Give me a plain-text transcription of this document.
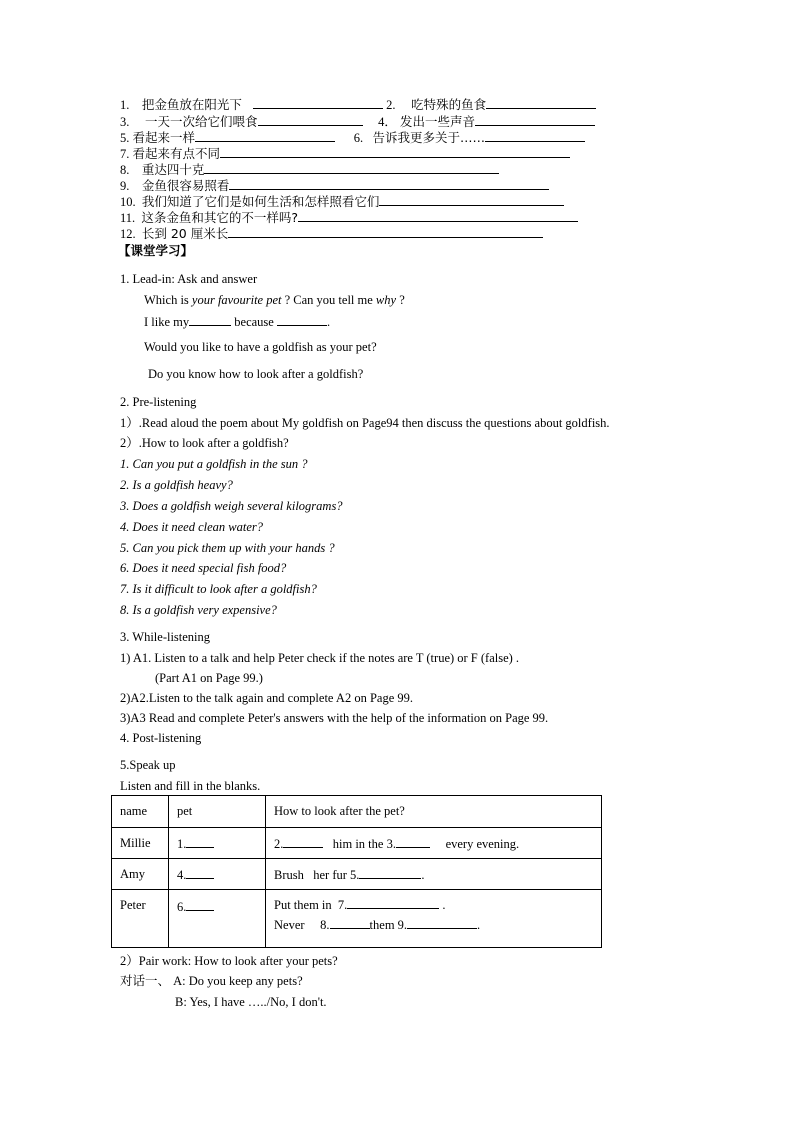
1. 把金鱼放在阳光下	2. 吃特殊的鱼食
3. 一天一次给它们喂食	4． 发出一些声音
5. 看起来一样	6. 告诉我更多关于……
7. 看起来有点不同
8. 重达四十克
9. 金鱼很容易照看
10. 我们知道了它们是如何生活和怎样照看它们
11. 这条金鱼和其它的不一样吗?
12. 长到 20 厘米长
【课堂学习】
1. Lead-in: Ask and answer
Which is your favourite pet ? Can you tell me why ?
I like my	because	.
Would you like to have a goldfish as your pet?
Do you know how to look after a goldfish?
2. Pre-listening
1）.Read aloud the poem about My goldfish on Page94 then discuss the questions about goldfish.
2）.How to look after a goldfish?
1. Can you put a goldfish in the sun ?
2. Is a goldfish heavy?
3. Does a goldfish weigh several kilograms?
4. Does it need clean water?
5. Can you pick them up with your hands ?
6. Does it need special fish food?
7. Is it difficult to look after a goldfish?
8. Is a goldfish very expensive?
3. While-listening
1) A1. Listen to a talk and help Peter check if the notes are T (true) or F (false) .
(Part A1 on Page 99.)
2)A2.Listen to the talk again and complete A2 on Page 99.
3)A3 Read and complete Peter's answers with the help of the information on Page 99.
4. Post-listening
5.Speak up
Listen and fill in the blanks.
name	pet	How to look after the pet?
Millie	1.	2. him in the 3. every evening.
Amy	4.	Brush   her fur 5. .
Peter	6.	Put them in  7. .
Never     8. them 9. .
2）Pair work: How to look after your pets?
对话一、 A: Do you keep any pets?
B: Yes, I have …../No, I don't.
